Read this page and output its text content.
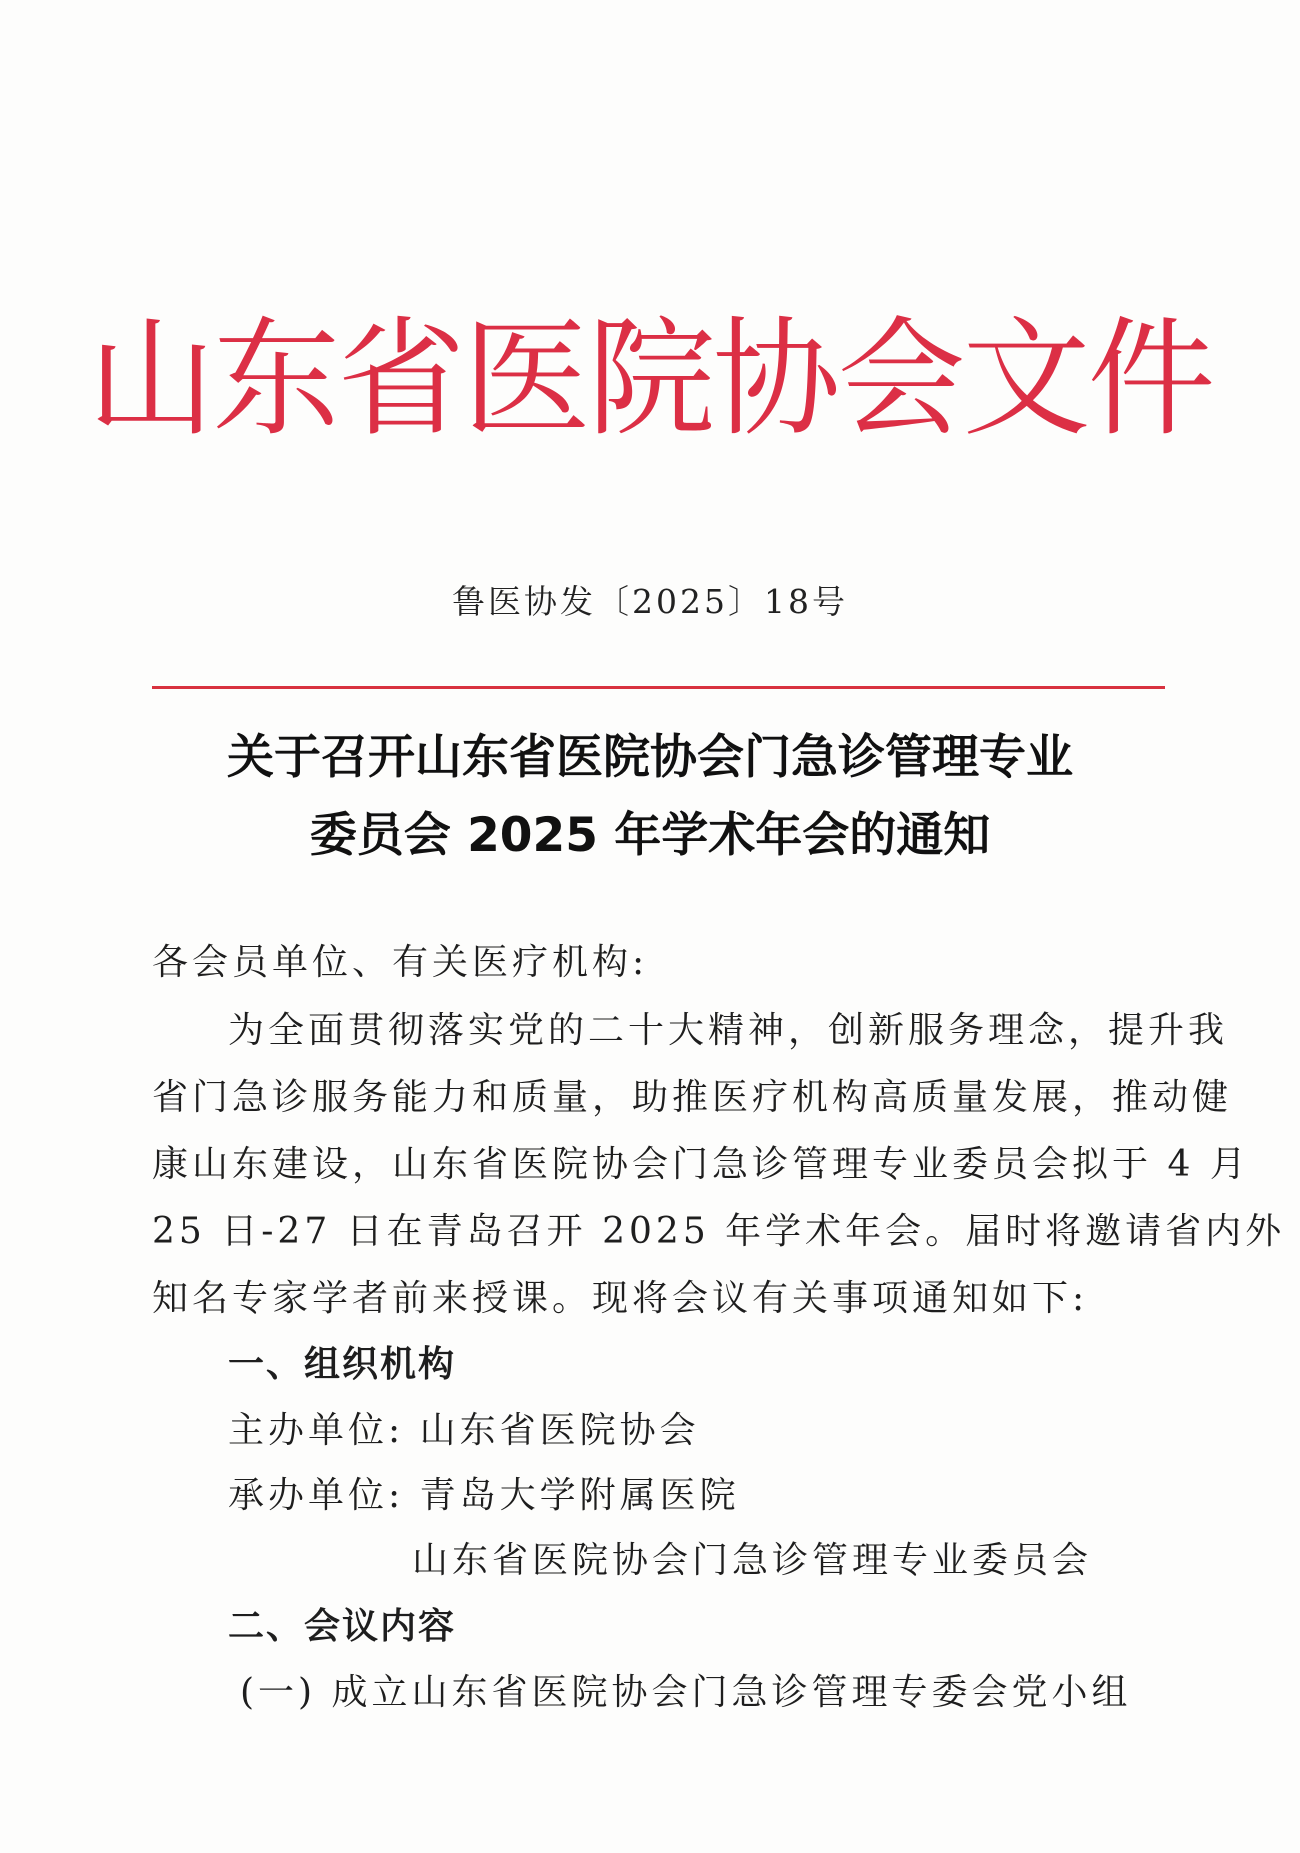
山东省医院协会文件
鲁医协发〔2025〕18号
关于召开山东省医院协会门急诊管理专业
委员会 2025 年学术年会的通知
各会员单位、有关医疗机构:
为全面贯彻落实党的二十大精神，创新服务理念，提升我
省门急诊服务能力和质量，助推医疗机构高质量发展，推动健
康山东建设，山东省医院协会门急诊管理专业委员会拟于 4 月
25 日-27 日在青岛召开 2025 年学术年会。届时将邀请省内外
知名专家学者前来授课。现将会议有关事项通知如下:
一、组织机构
主办单位: 山东省医院协会
承办单位: 青岛大学附属医院
山东省医院协会门急诊管理专业委员会
二、会议内容
(一) 成立山东省医院协会门急诊管理专委会党小组
